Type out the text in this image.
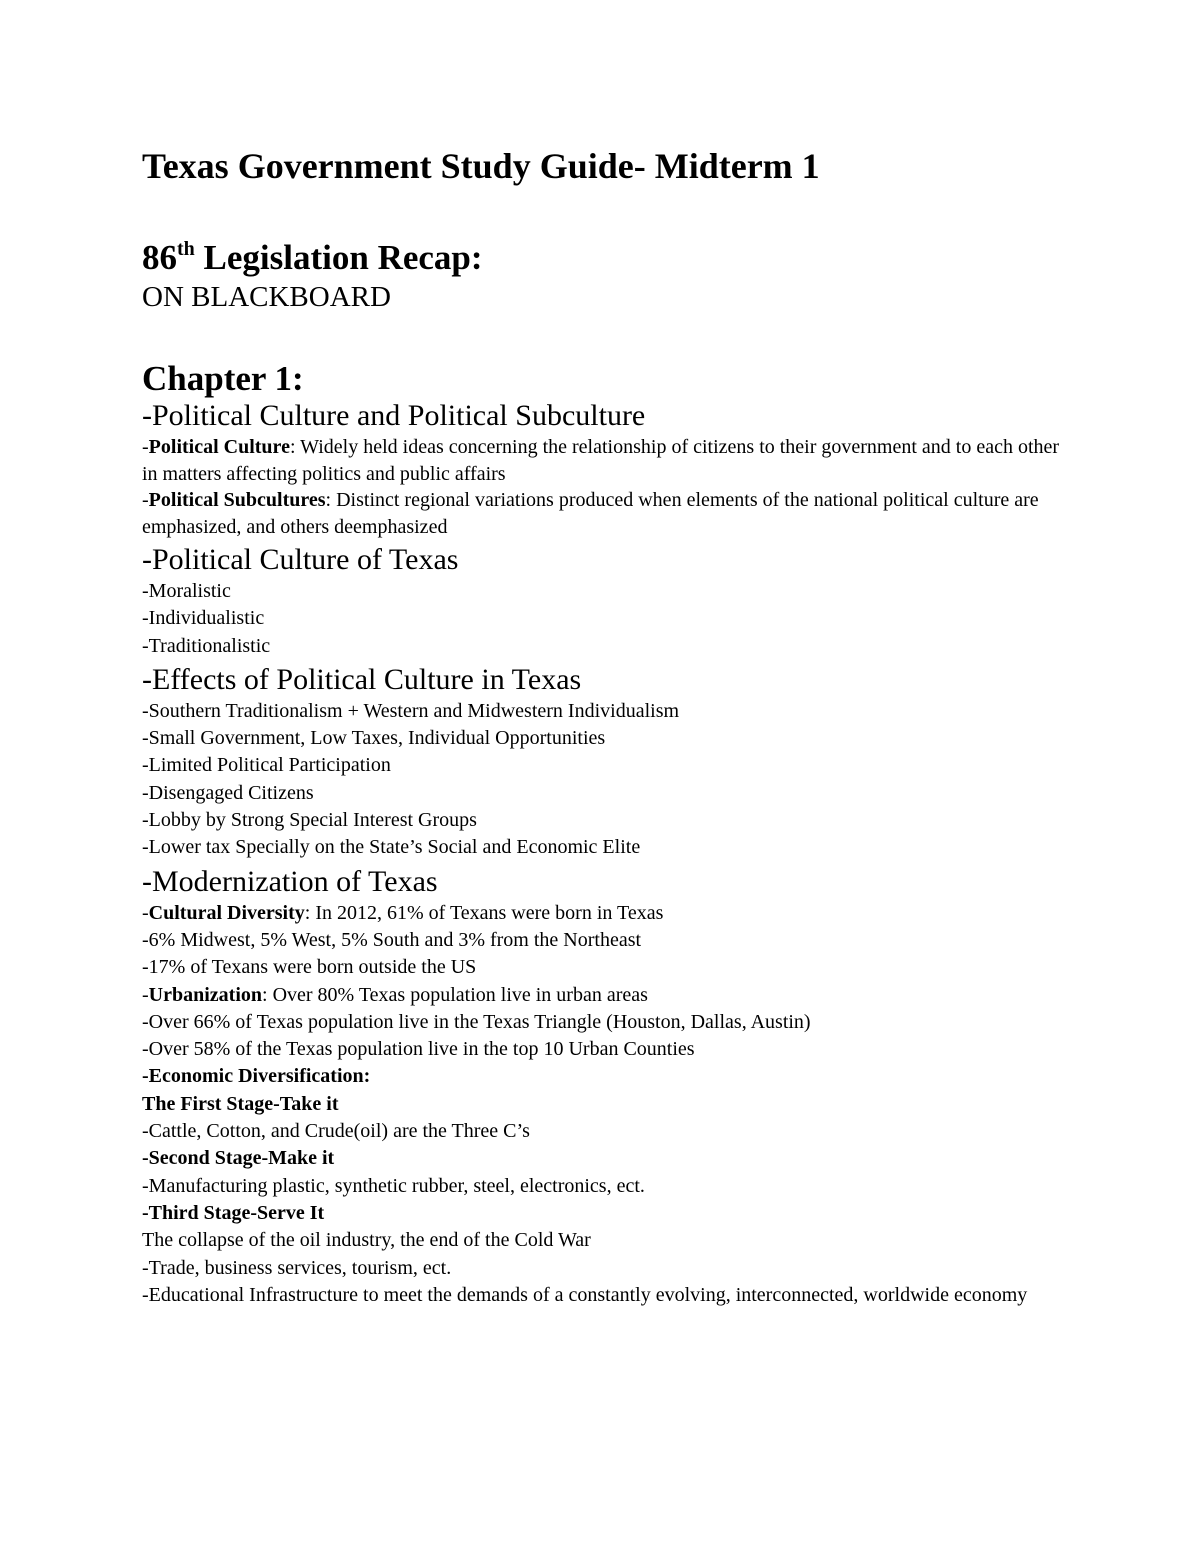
Texas Government Study Guide- Midterm 1
86th Legislation Recap:
ON BLACKBOARD
Chapter 1:

-Political Culture and Political Subculture

-Political Culture: Widely held ideas concerning the relationship of citizens to their government and to each other in matters affecting politics and public affairs

-Political Subcultures: Distinct regional variations produced when elements of the national political culture are emphasized, and others deemphasized

-Political Culture of Texas

-Moralistic

-Individualistic

-Traditionalistic

-Effects of Political Culture in Texas

-Southern Traditionalism + Western and Midwestern Individualism

-Small Government, Low Taxes, Individual Opportunities

-Limited Political Participation

-Disengaged Citizens

-Lobby by Strong Special Interest Groups

-Lower tax Specially on the State’s Social and Economic Elite

-Modernization of Texas

-Cultural Diversity: In 2012, 61% of Texans were born in Texas

-6% Midwest, 5% West, 5% South and 3% from the Northeast

-17% of Texans were born outside the US

-Urbanization: Over 80% Texas population live in urban areas

-Over 66% of Texas population live in the Texas Triangle (Houston, Dallas, Austin)

-Over 58% of the Texas population live in the top 10 Urban Counties

-Economic Diversification:

The First Stage-Take it

-Cattle, Cotton, and Crude(oil) are the Three C’s

-Second Stage-Make it

-Manufacturing plastic, synthetic rubber, steel, electronics, ect.

-Third Stage-Serve It

The collapse of the oil industry, the end of the Cold War

-Trade, business services, tourism, ect.

-Educational Infrastructure to meet the demands of a constantly evolving, interconnected, worldwide economy
